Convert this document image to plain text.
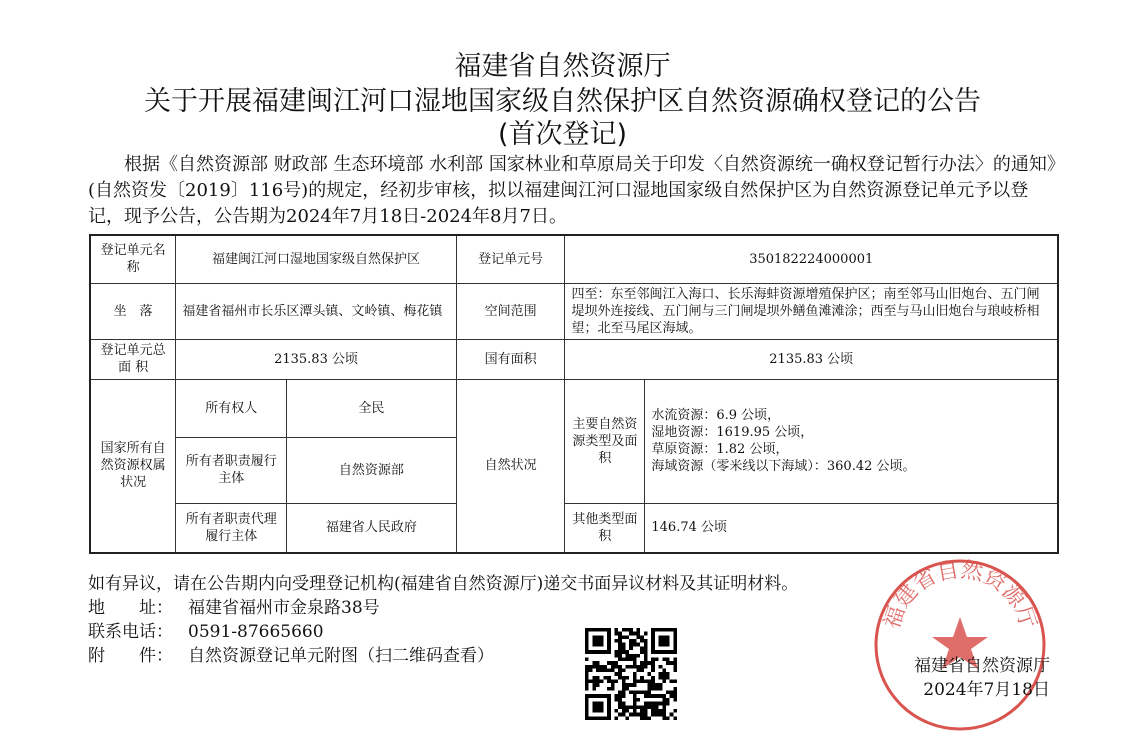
福建省自然资源厅
关于开展福建闽江河口湿地国家级自然保护区自然资源确权登记的公告
(首次登记)

根据《自然资源部 财政部 生态环境部 水利部 国家林业和草原局关于印发〈自然资源统一确权登记暂行办法〉的通知》(自然资发〔2019〕116号)的规定，经初步审核，拟以福建闽江河口湿地国家级自然保护区为自然资源登记单元予以登记，现予公告，公告期为2024年7月18日-2024年8月7日。

登记单元名　称	福建闽江河口湿地国家级自然保护区		登记单元号	350182224000001	
坐　落	福建省福州市长乐区潭头镇、文岭镇、梅花镇		空间范围	四至：东至邻闽江入海口、长乐海蚌资源增殖保护区；南至邻马山旧炮台、五门闸堤坝外连接线、五门闸与三门闸堤坝外鳝鱼滩滩涂；西至与马山旧炮台与琅岐桥相望；北至马尾区海域。	
登记单元总 面 积	2135.83 公顷		国有面积	2135.83 公顷	
国家所有自然资源权属状况	所有权人	全民	自然状况	主要自然资源类型及面积	水流资源：6.9 公顷，
湿地资源：1619.95 公顷，
草原资源：1.82 公顷，
海域资源（零米线以下海域）：360.42 公顷。

	所有者职责履行主体	自然资源部			
	所有者职责代理履行主体	福建省人民政府		其他类型面　积	146.74 公顷
如有异议，请在公告期内向受理登记机构(福建省自然资源厅)递交书面异议材料及其证明材料。
地　　址： 福建省福州市金泉路38号
联系电话： 0591-87665660
附　　件： 自然资源登记单元附图（扫二维码查看）
福建省自然资源厅
福建省自然资源厅
2024年7月18日
